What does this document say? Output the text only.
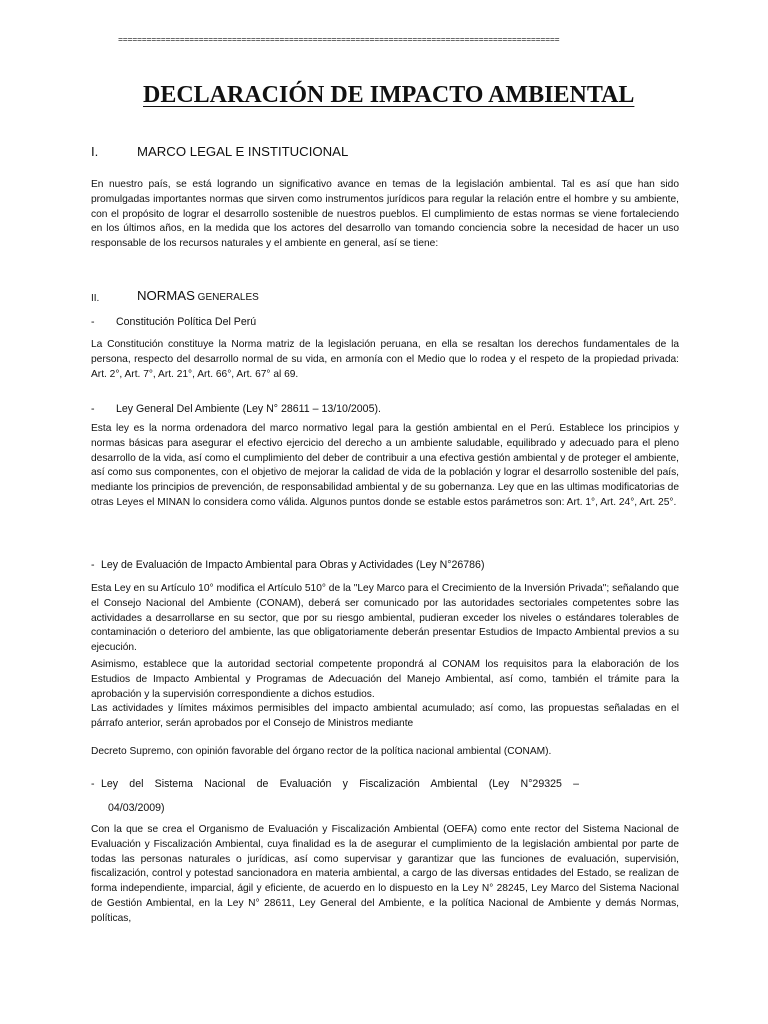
=============================================================================================
DECLARACIÓN DE IMPACTO AMBIENTAL
I.	MARCO LEGAL E INSTITUCIONAL
En nuestro país, se está logrando un significativo avance en temas de la legislación ambiental. Tal es así que han sido promulgadas importantes normas que sirven como instrumentos jurídicos para regular la relación entre el hombre y su ambiente, con el propósito de lograr el desarrollo sostenible de nuestros pueblos. El cumplimiento de estas normas se viene fortaleciendo en los últimos años, en la medida que los actores del desarrollo van tomando conciencia sobre la necesidad de hacer un uso responsable de los recursos naturales y el ambiente en general, así se tiene:
II.	NORMAS GENERALES
- Constitución Política Del Perú
La Constitución constituye la Norma matriz de la legislación peruana, en ella se resaltan los derechos fundamentales de la persona, respecto del desarrollo normal de su vida, en armonía con el Medio que lo rodea y el respeto de la propiedad privada: Art. 2°, Art. 7°, Art. 21°, Art. 66°, Art. 67° al 69.
- Ley General Del Ambiente (Ley N° 28611 – 13/10/2005).
Esta ley es la norma ordenadora del marco normativo legal para la gestión ambiental en el Perú. Establece los principios y normas básicas para asegurar el efectivo ejercicio del derecho a un ambiente saludable, equilibrado y adecuado para el pleno desarrollo de la vida, así como el cumplimiento del deber de contribuir a una efectiva gestión ambiental y de proteger el ambiente, así como sus componentes, con el objetivo de mejorar la calidad de vida de la población y lograr el desarrollo sostenible del país, mediante los principios de prevención, de responsabilidad ambiental y de su gobernanza. Ley que en las ultimas modificatorias de otras Leyes el MINAN lo considera como válida. Algunos puntos donde se estable estos parámetros son: Art. 1°, Art. 24°, Art. 25°.
- Ley de Evaluación de Impacto Ambiental para Obras y Actividades (Ley N°26786)
Esta Ley en su Artículo 10° modifica el Artículo 510° de la "Ley Marco para el Crecimiento de la Inversión Privada"; señalando que el Consejo Nacional del Ambiente (CONAM), deberá ser comunicado por las autoridades sectoriales competentes sobre las actividades a desarrollarse en su sector, que por su riesgo ambiental, pudieran exceder los niveles o estándares tolerables de contaminación o deterioro del ambiente, las que obligatoriamente deberán presentar Estudios de Impacto Ambiental previos a su ejecución.
Asimismo, establece que la autoridad sectorial competente propondrá al CONAM los requisitos para la elaboración de los Estudios de Impacto Ambiental y Programas de Adecuación del Manejo Ambiental, así como, también el trámite para la aprobación y la supervisión correspondiente a dichos estudios.
Las actividades y límites máximos permisibles del impacto ambiental acumulado; así como, las propuestas señaladas en el párrafo anterior, serán aprobados por el Consejo de Ministros mediante
Decreto Supremo, con opinión favorable del órgano rector de la política nacional ambiental (CONAM).
- Ley del Sistema Nacional de Evaluación y Fiscalización Ambiental (Ley N°29325 –
04/03/2009)
Con la que se crea el Organismo de Evaluación y Fiscalización Ambiental (OEFA) como ente rector del Sistema Nacional de Evaluación y Fiscalización Ambiental, cuya finalidad es la de asegurar el cumplimiento de la legislación ambiental por parte de todas las personas naturales o jurídicas, así como supervisar y garantizar que las funciones de evaluación, supervisión, fiscalización, control y potestad sancionadora en materia ambiental, a cargo de las diversas entidades del Estado, se realizan de forma independiente, imparcial, ágil y eficiente, de acuerdo en lo dispuesto en la Ley N° 28245, Ley Marco del Sistema Nacional de Gestión Ambiental, en la Ley N° 28611, Ley General del Ambiente, e la política Nacional de Ambiente y demás Normas, políticas,
